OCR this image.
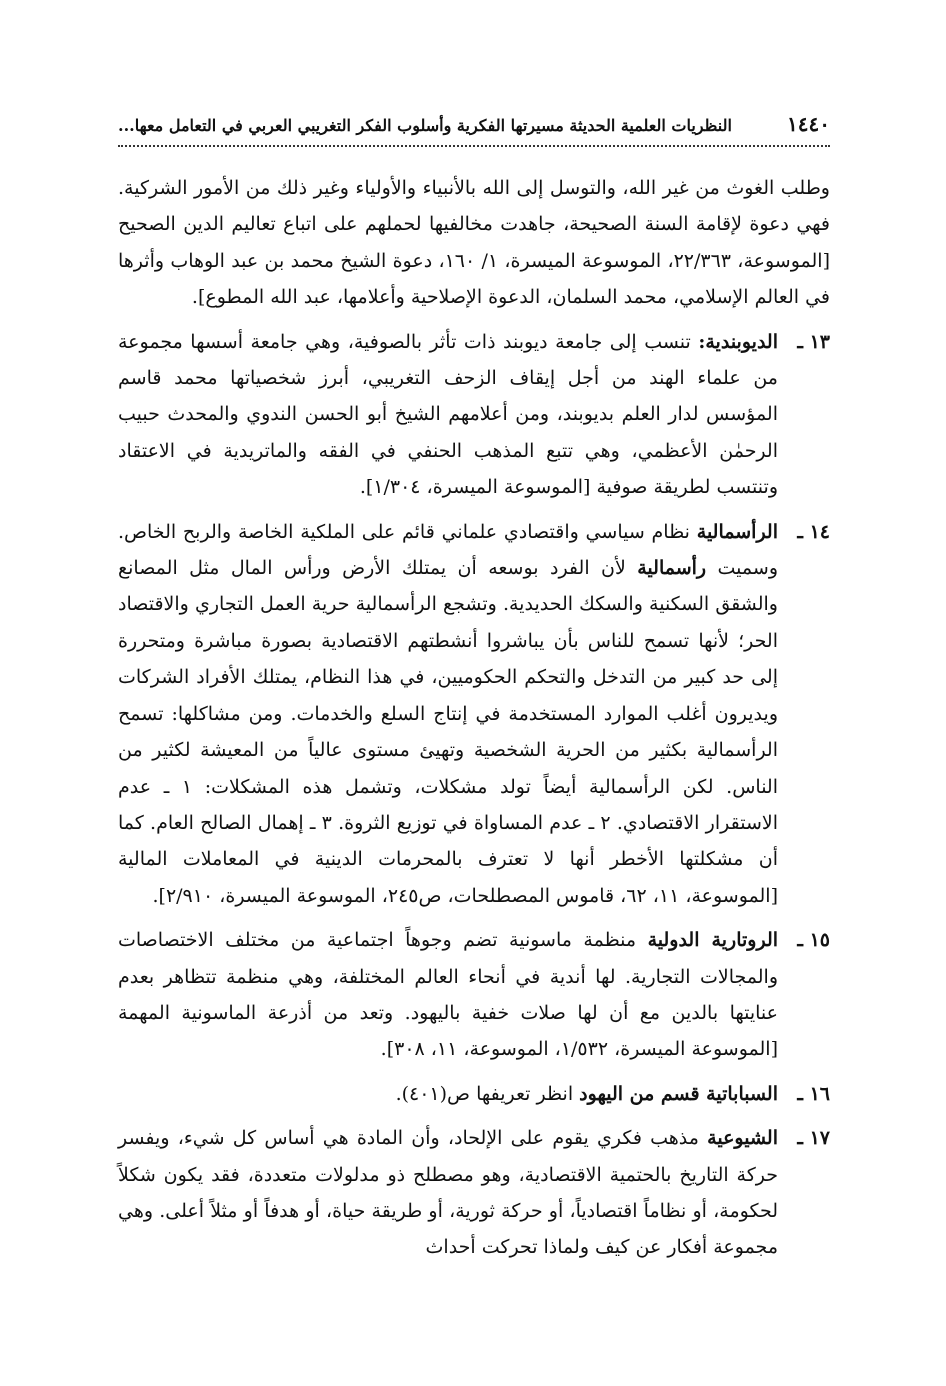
١٤٤٠
النظريات العلمية الحديثة مسيرتها الفكرية وأسلوب الفكر التغريبي العربي في التعامل معها...

وطلب الغوث من غير الله، والتوسل إلى الله بالأنبياء والأولياء وغير ذلك من الأمور الشركية. فهي دعوة لإقامة السنة الصحيحة، جاهدت مخالفيها لحملهم على اتباع تعاليم الدين الصحيح [الموسوعة، ٢٢/٣٦٣، الموسوعة الميسرة، ١/ ١٦٠، دعوة الشيخ محمد بن عبد الوهاب وأثرها في العالم الإسلامي، محمد السلمان، الدعوة الإصلاحية وأعلامها، عبد الله المطوع].

١٣ ـ
الديوبندية: تنسب إلى جامعة ديوبند ذات تأثر بالصوفية، وهي جامعة أسسها مجموعة من علماء الهند من أجل إيقاف الزحف التغريبي، أبرز شخصياتها محمد قاسم المؤسس لدار العلم بديوبند، ومن أعلامهم الشيخ أبو الحسن الندوي والمحدث حبيب الرحمٰن الأعظمي، وهي تتبع المذهب الحنفي في الفقه والماتريدية في الاعتقاد وتنتسب لطريقة صوفية [الموسوعة الميسرة، ١/٣٠٤].

١٤ ـ
الرأسمالية نظام سياسي واقتصادي علماني قائم على الملكية الخاصة والربح الخاص. وسميت رأسمالية لأن الفرد بوسعه أن يمتلك الأرض ورأس المال مثل المصانع والشقق السكنية والسكك الحديدية. وتشجع الرأسمالية حرية العمل التجاري والاقتصاد الحر؛ لأنها تسمح للناس بأن يباشروا أنشطتهم الاقتصادية بصورة مباشرة ومتحررة إلى حد كبير من التدخل والتحكم الحكوميين، في هذا النظام، يمتلك الأفراد الشركات ويديرون أغلب الموارد المستخدمة في إنتاج السلع والخدمات. ومن مشاكلها: تسمح الرأسمالية بكثير من الحرية الشخصية وتهيئ مستوى عالياً من المعيشة لكثير من الناس. لكن الرأسمالية أيضاً تولد مشكلات، وتشمل هذه المشكلات: ١ ـ عدم الاستقرار الاقتصادي. ٢ ـ عدم المساواة في توزيع الثروة. ٣ ـ إهمال الصالح العام. كما أن مشكلتها الأخطر أنها لا تعترف بالمحرمات الدينية في المعاملات المالية [الموسوعة، ١١، ٦٢، قاموس المصطلحات، ص٢٤٥، الموسوعة الميسرة، ٢/٩١٠].

١٥ ـ
الروتارية الدولية منظمة ماسونية تضم وجوهاً اجتماعية من مختلف الاختصاصات والمجالات التجارية. لها أندية في أنحاء العالم المختلفة، وهي منظمة تتظاهر بعدم عنايتها بالدين مع أن لها صلات خفية باليهود. وتعد من أذرعة الماسونية المهمة [الموسوعة الميسرة، ١/٥٣٢، الموسوعة، ١١، ٣٠٨].

١٦ ـ
السباباتية قسم من اليهود انظر تعريفها ص(٤٠١).

١٧ ـ
الشيوعية مذهب فكري يقوم على الإلحاد، وأن المادة هي أساس كل شيء، ويفسر حركة التاريخ بالحتمية الاقتصادية، وهو مصطلح ذو مدلولات متعددة، فقد يكون شكلاً لحكومة، أو نظاماً اقتصادياً، أو حركة ثورية، أو طريقة حياة، أو هدفاً أو مثلاً أعلى. وهي مجموعة أفكار عن كيف ولماذا تحركت أحداث
